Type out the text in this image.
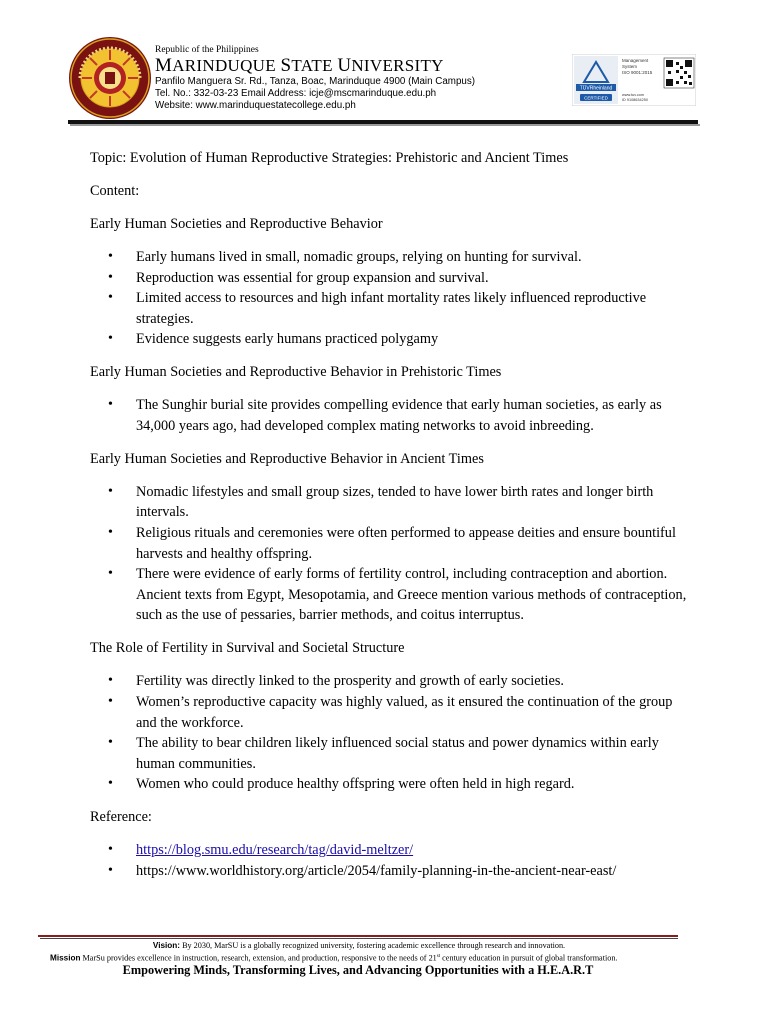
Republic of the Philippines
MARINDUQUE STATE UNIVERSITY
Panfilo Manguera Sr. Rd., Tanza, Boac, Marinduque 4900 (Main Campus)
Tel. No.: 332-03-23 Email Address: icje@mscmarinduque.edu.ph
Website: www.marinduquestatecollege.edu.ph
TÜVRheinland
CERTIFIED
Management
System
ISO 9001:2015
www.tuv.com
ID 9108634250

Topic: Evolution of Human Reproductive Strategies: Prehistoric and Ancient Times

Content:

Early Human Societies and Reproductive Behavior

• Early humans lived in small, nomadic groups, relying on hunting for survival.
• Reproduction was essential for group expansion and survival.
• Limited access to resources and high infant mortality rates likely influenced reproductive strategies.
• Evidence suggests early humans practiced polygamy

Early Human Societies and Reproductive Behavior in Prehistoric Times

• The Sunghir burial site provides compelling evidence that early human societies, as early as 34,000 years ago, had developed complex mating networks to avoid inbreeding.

Early Human Societies and Reproductive Behavior in Ancient Times

• Nomadic lifestyles and small group sizes, tended to have lower birth rates and longer birth intervals.
• Religious rituals and ceremonies were often performed to appease deities and ensure bountiful harvests and healthy offspring.
• There were evidence of early forms of fertility control, including contraception and abortion. Ancient texts from Egypt, Mesopotamia, and Greece mention various methods of contraception, such as the use of pessaries, barrier methods, and coitus interruptus.

The Role of Fertility in Survival and Societal Structure

• Fertility was directly linked to the prosperity and growth of early societies.
• Women’s reproductive capacity was highly valued, as it ensured the continuation of the group and the workforce.
• The ability to bear children likely influenced social status and power dynamics within early human communities.
• Women who could produce healthy offspring were often held in high regard.

Reference:

• https://blog.smu.edu/research/tag/david-meltzer/
• https://www.worldhistory.org/article/2054/family-planning-in-the-ancient-near-east/
Vision: By 2030, MarSU is a globally recognized university, fostering academic excellence through research and innovation.
Mission MarSu provides excellence in instruction, research, extension, and production, responsive to the needs of 21st century education in pursuit of global transformation.
Empowering Minds, Transforming Lives, and Advancing Opportunities with a H.E.A.R.T
